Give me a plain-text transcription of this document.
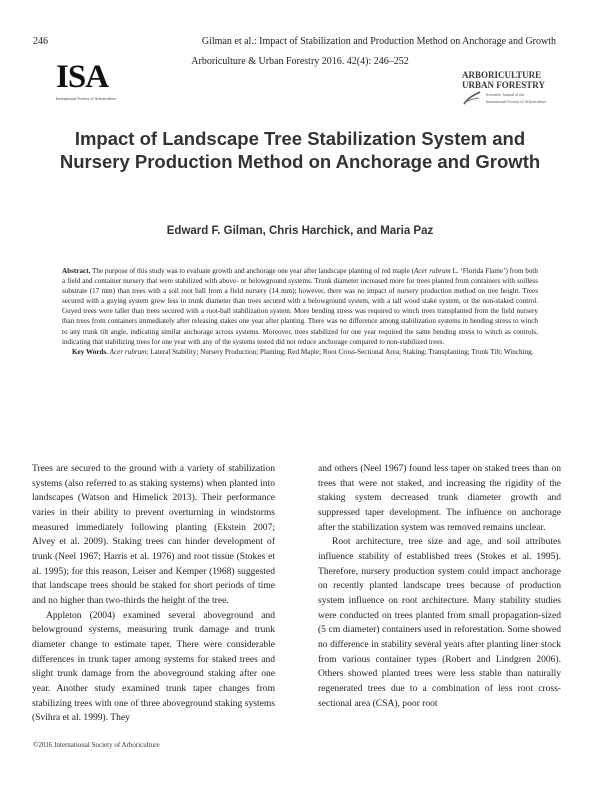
246	Gilman et al.: Impact of Stabilization and Production Method on Anchorage and Growth
Arboriculture & Urban Forestry 2016. 42(4): 246–252
ISA
International Society of Arboriculture
ARBORICULTURE
URBAN FORESTRY
Scientific Journal of the
International Society of Arboriculture
Impact of Landscape Tree Stabilization System and Nursery Production Method on Anchorage and Growth
Edward F. Gilman, Chris Harchick, and Maria Paz

Abstract. The purpose of this study was to evaluate growth and anchorage one year after landscape planting of red maple (Acer rubrum L. ‘Florida Flame’) from both a field and container nursery that were stabilized with above- or belowground systems. Trunk diameter increased more for trees planted from containers with soilless substrate (17 mm) than trees with a soil root ball from a field nursery (14 mm); however, there was no impact of nursery production method on tree height. Trees secured with a guying system grew less in trunk diameter than trees secured with a belowground system, with a tall wood stake system, or the non-staked control. Guyed trees were taller than trees secured with a root-ball stabilization system. More bending stress was required to winch trees transplanted from the field nursery than trees from containers immediately after releasing stakes one year after planting. There was no difference among stabilization systems in bending stress to winch to any trunk tilt angle, indicating similar anchorage across systems. Moreover, trees stabilized for one year required the same bending stress to winch as controls, indicating that stabilizing trees for one year with any of the systems tested did not reduce anchorage compared to non-stabilized trees.

Key Words. Acer rubrum; Lateral Stability; Nursery Production; Planting; Red Maple; Root Cross-Sectional Area; Staking; Transplanting; Trunk Tilt; Winching.

Trees are secured to the ground with a variety of stabilization systems (also referred to as staking systems) when planted into landscapes (Watson and Himelick 2013). Their performance varies in their ability to prevent overturning in windstorms measured immediately following planting (Ekstein 2007; Alvey et al. 2009). Staking trees can hinder development of trunk (Neel 1967; Harris et al. 1976) and root tissue (Stokes et al. 1995); for this reason, Leiser and Kemper (1968) suggested that landscape trees should be staked for short periods of time and no higher than two-thirds the height of the tree.

Appleton (2004) examined several aboveground and belowground systems, measuring trunk damage and trunk diameter change to estimate taper. There were considerable differences in trunk taper among systems for staked trees and slight trunk damage from the aboveground staking after one year. Another study examined trunk taper changes from stabilizing trees with one of three aboveground staking systems (Svihra et al. 1999). They

and others (Neel 1967) found less taper on staked trees than on trees that were not staked, and increasing the rigidity of the staking system decreased trunk diameter growth and suppressed taper development. The influence on anchorage after the stabilization system was removed remains unclear.

Root architecture, tree size and age, and soil attributes influence stability of established trees (Stokes et al. 1995). Therefore, nursery production system could impact anchorage on recently planted landscape trees because of production system influence on root architecture. Many stability studies were conducted on trees planted from small propagation-sized (5 cm diameter) containers used in reforestation. Some showed no difference in stability several years after planting liner stock from various container types (Robert and Lindgren 2006). Others showed planted trees were less stable than naturally regenerated trees due to a combination of less root cross-sectional area (CSA), poor root

©2016 International Society of Arboriculture
